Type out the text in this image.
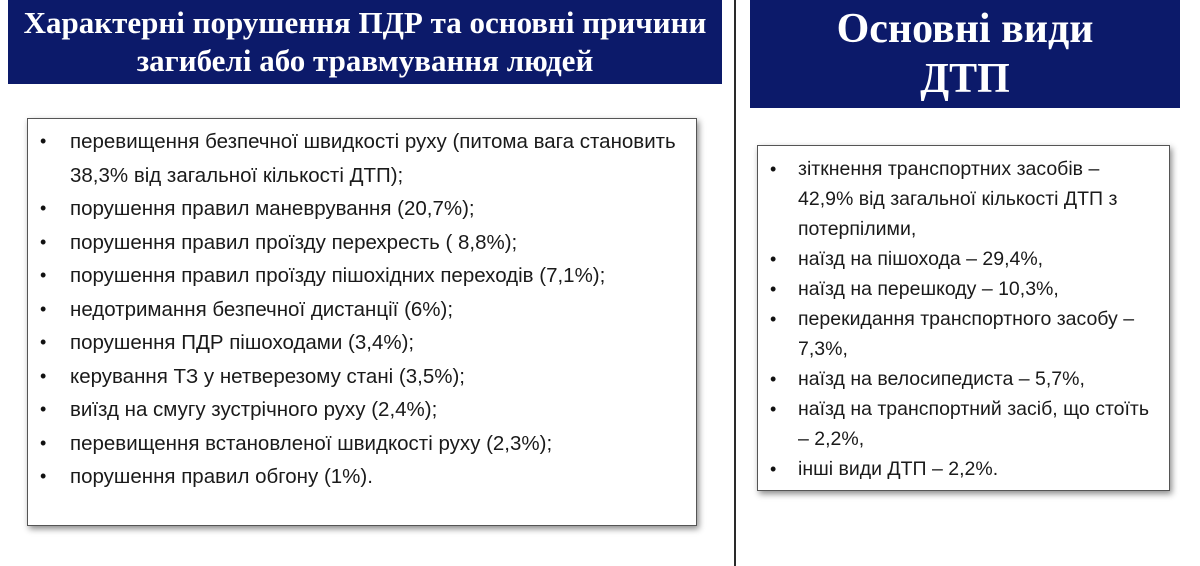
Характерні порушення ПДР та основні причини загибелі або травмування людей
Основні види ДТП
• перевищення безпечної швидкості руху (питома вага становить 38,3% від загальної кількості ДТП);
• порушення правил маневрування (20,7%);
• порушення правил проїзду перехресть ( 8,8%);
• порушення правил проїзду пішохідних переходів (7,1%);
• недотримання безпечної дистанції (6%);
• порушення ПДР пішоходами (3,4%);
• керування ТЗ у нетверезому стані (3,5%);
• виїзд на смугу зустрічного руху (2,4%);
• перевищення встановленої швидкості руху (2,3%);
• порушення правил обгону (1%).
• зіткнення транспортних засобів – 42,9% від загальної кількості ДТП з потерпілими,
• наїзд на пішохода – 29,4%,
• наїзд на перешкоду – 10,3%,
• перекидання транспортного засобу – 7,3%,
• наїзд на велосипедиста – 5,7%,
• наїзд на транспортний засіб, що стоїть – 2,2%,
• інші види ДТП – 2,2%.
